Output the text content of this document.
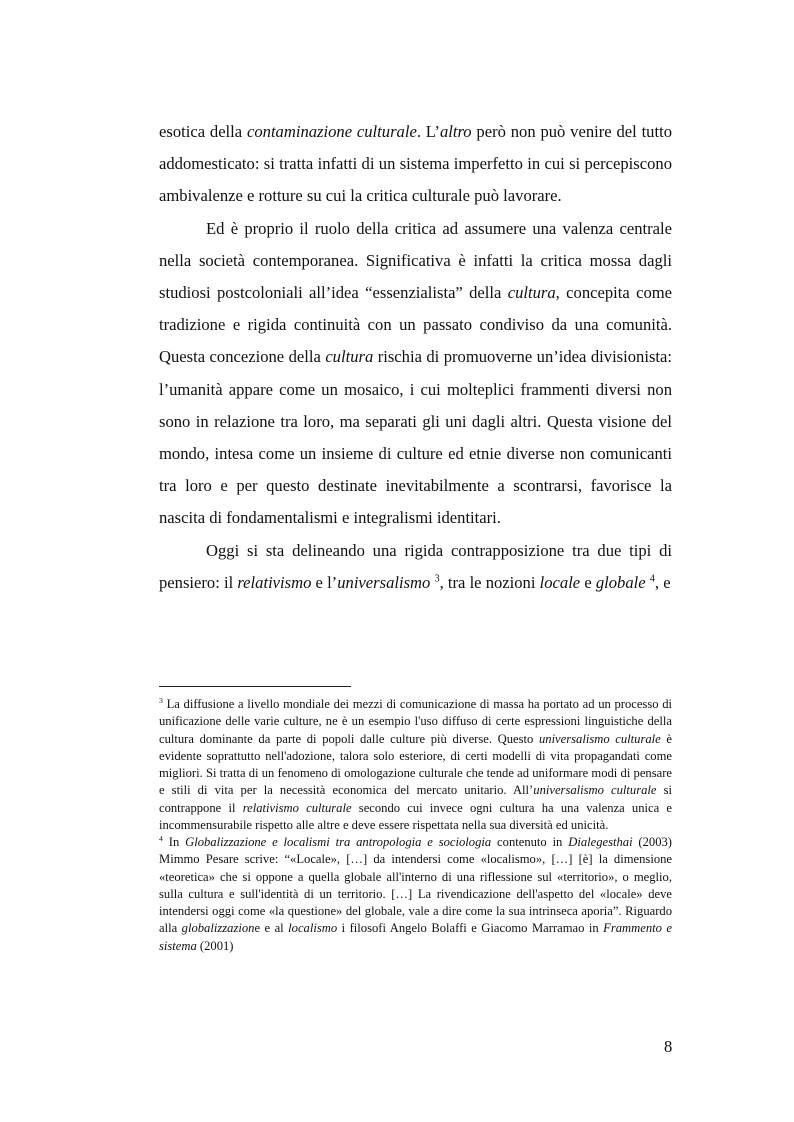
esotica della contaminazione culturale. L’altro però non può venire del tutto addomesticato: si tratta infatti di un sistema imperfetto in cui si percepiscono ambivalenze e rotture su cui la critica culturale può lavorare.

Ed è proprio il ruolo della critica ad assumere una valenza centrale nella società contemporanea. Significativa è infatti la critica mossa dagli studiosi postcoloniali all’idea “essenzialista” della cultura, concepita come tradizione e rigida continuità con un passato condiviso da una comunità. Questa concezione della cultura rischia di promuoverne un’idea divisionista: l’umanità appare come un mosaico, i cui molteplici frammenti diversi non sono in relazione tra loro, ma separati gli uni dagli altri. Questa visione del mondo, intesa come un insieme di culture ed etnie diverse non comunicanti tra loro e per questo destinate inevitabilmente a scontrarsi, favorisce la nascita di fondamentalismi e integralismi identitari.

Oggi si sta delineando una rigida contrapposizione tra due tipi di pensiero: il relativismo e l’universalismo $^3$, tra le nozioni locale e globale $^4$, e

$^3$ La diffusione a livello mondiale dei mezzi di comunicazione di massa ha portato ad un processo di unificazione delle varie culture, ne è un esempio l'uso diffuso di certe espressioni linguistiche della cultura dominante da parte di popoli dalle culture più diverse. Questo universalismo culturale è evidente soprattutto nell'adozione, talora solo esteriore, di certi modelli di vita propagandati come migliori. Si tratta di un fenomeno di omologazione culturale che tende ad uniformare modi di pensare e stili di vita per la necessità economica del mercato unitario. All’universalismo culturale si contrappone il relativismo culturale secondo cui invece ogni cultura ha una valenza unica e incommensurabile rispetto alle altre e deve essere rispettata nella sua diversità ed unicità.

$^4$ In Globalizzazione e localismi tra antropologia e sociologia contenuto in Dialegesthai (2003) Mimmo Pesare scrive: “«Locale», […] da intendersi come «localismo», […] [è] la dimensione «teoretica» che si oppone a quella globale all'interno di una riflessione sul «territorio», o meglio, sulla cultura e sull'identità di un territorio. […] La rivendicazione dell'aspetto del «locale» deve intendersi oggi come «la questione» del globale, vale a dire come la sua intrinseca aporia”. Riguardo alla globalizzazione e al localismo i filosofi Angelo Bolaffi e Giacomo Marramao in Frammento e sistema (2001)

8
